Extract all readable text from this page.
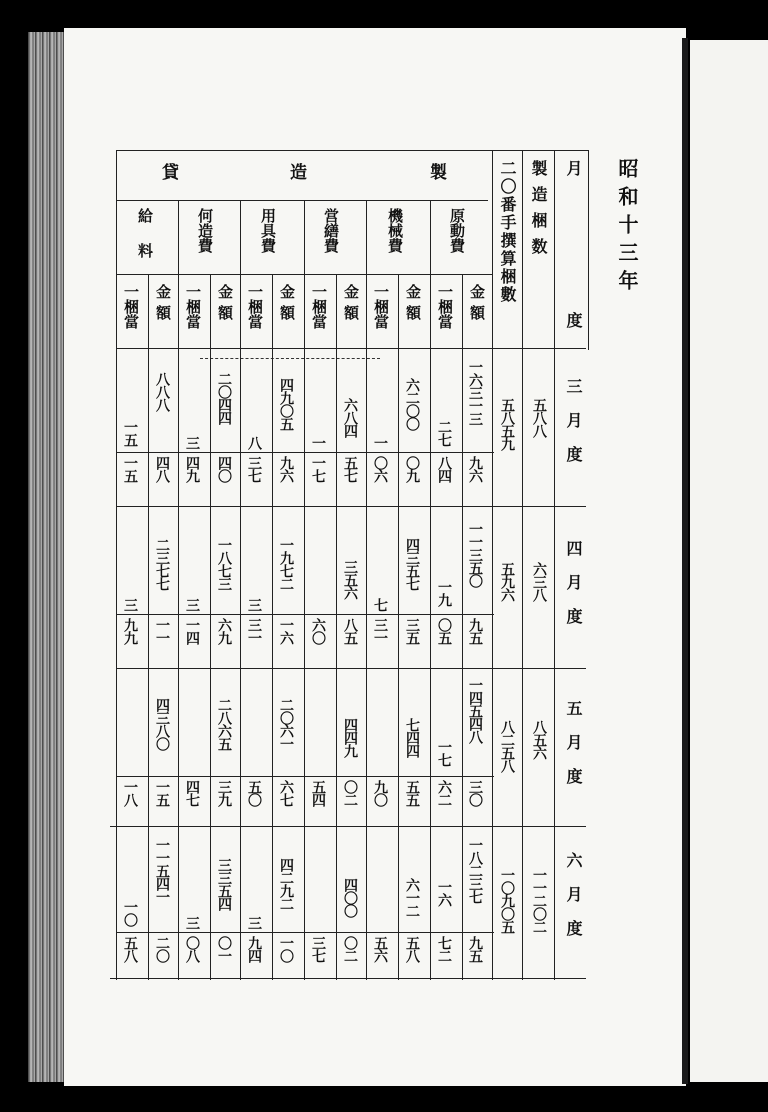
昭和十三年
月
度
製造梱数
二〇番手撰算梱數
貸	造	製
原動費
機械費
営繕費
用具費
何造費
給料
金額
一梱當
金額
一梱當
金額
一梱當
金額
一梱當
金額
一梱當
金額
一梱當
三月度
四月度
五月度
六月度
五八八
五八五九
六三八
五九六
八五六
八二五八
一一二〇二
一〇九〇五
一六三一三
九六
二七
八四
六二〇〇
〇九
一
〇六
六八四
五七
一
一七
四九〇五
九六
八
三七
二〇四四
四〇
三
四九
八八八
四八
一五
一五
一一三五〇
九五
一九
〇五
四三五七
三五
七
三一
三五六
八五
六〇
一九七二
一六
三
三一
一八七三
六九
三
一四
二三七七
一一
三
九九
一四五四八
三〇
一七
六二
七四四
五五
九〇
四四九
〇二
五四
二〇六一
六七
五〇
二八六五
三九
四七
四三八〇
一五
一八
一八二三七
九五
一六
七二
六一二
五八
五六
四〇〇
〇二
三七
四二九二
一〇
三
九四
三三五四
〇一
三
〇八
一一五四一
二〇
一〇
五八
